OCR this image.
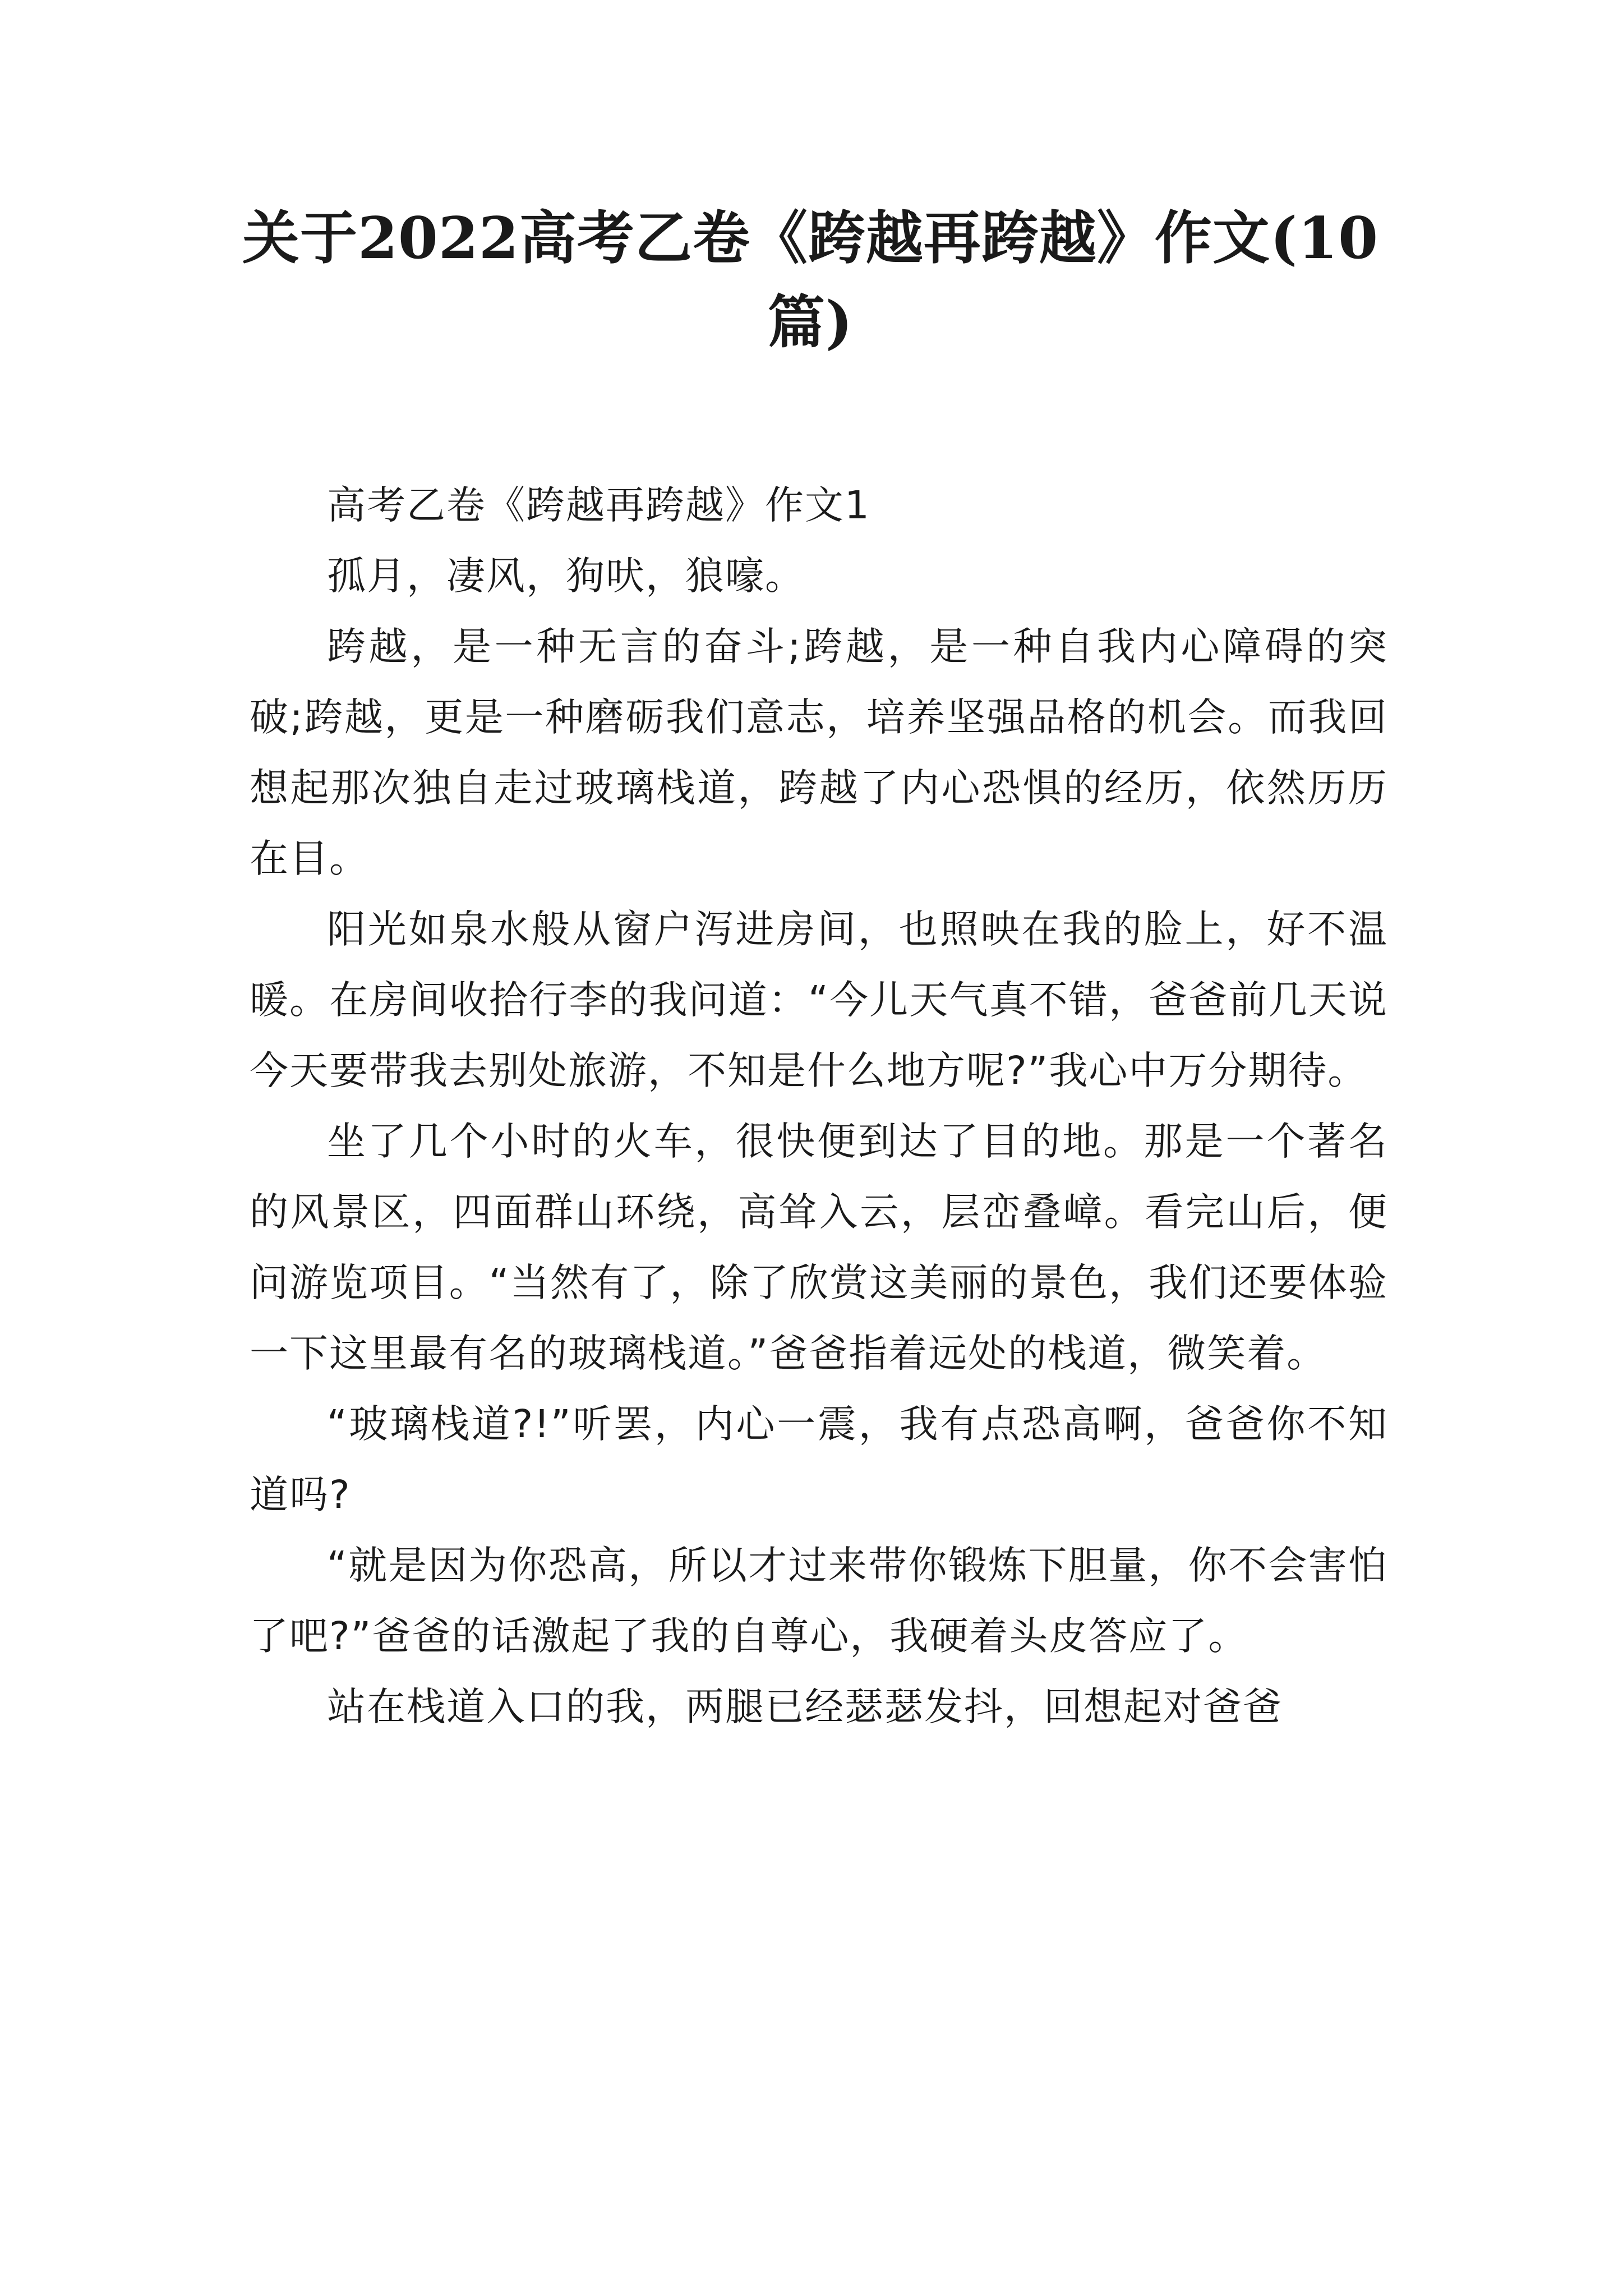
关于2022高考乙卷《跨越再跨越》作文(10篇)

高考乙卷《跨越再跨越》作文1

孤月，凄风，狗吠，狼嚎。

跨越，是一种无言的奋斗;跨越，是一种自我内心障碍的突破;跨越，更是一种磨砺我们意志，培养坚强品格的机会。而我回想起那次独自走过玻璃栈道，跨越了内心恐惧的经历，依然历历在目。

阳光如泉水般从窗户泻进房间，也照映在我的脸上，好不温暖。在房间收拾行李的我问道：“今儿天气真不错，爸爸前几天说今天要带我去别处旅游，不知是什么地方呢?”我心中万分期待。

坐了几个小时的火车，很快便到达了目的地。那是一个著名的风景区，四面群山环绕，高耸入云，层峦叠嶂。看完山后，便问游览项目。“当然有了，除了欣赏这美丽的景色，我们还要体验一下这里最有名的玻璃栈道。”爸爸指着远处的栈道，微笑着。

“玻璃栈道?!”听罢，内心一震，我有点恐高啊，爸爸你不知道吗?

“就是因为你恐高，所以才过来带你锻炼下胆量，你不会害怕了吧?”爸爸的话激起了我的自尊心，我硬着头皮答应了。

站在栈道入口的我，两腿已经瑟瑟发抖，回想起对爸爸
